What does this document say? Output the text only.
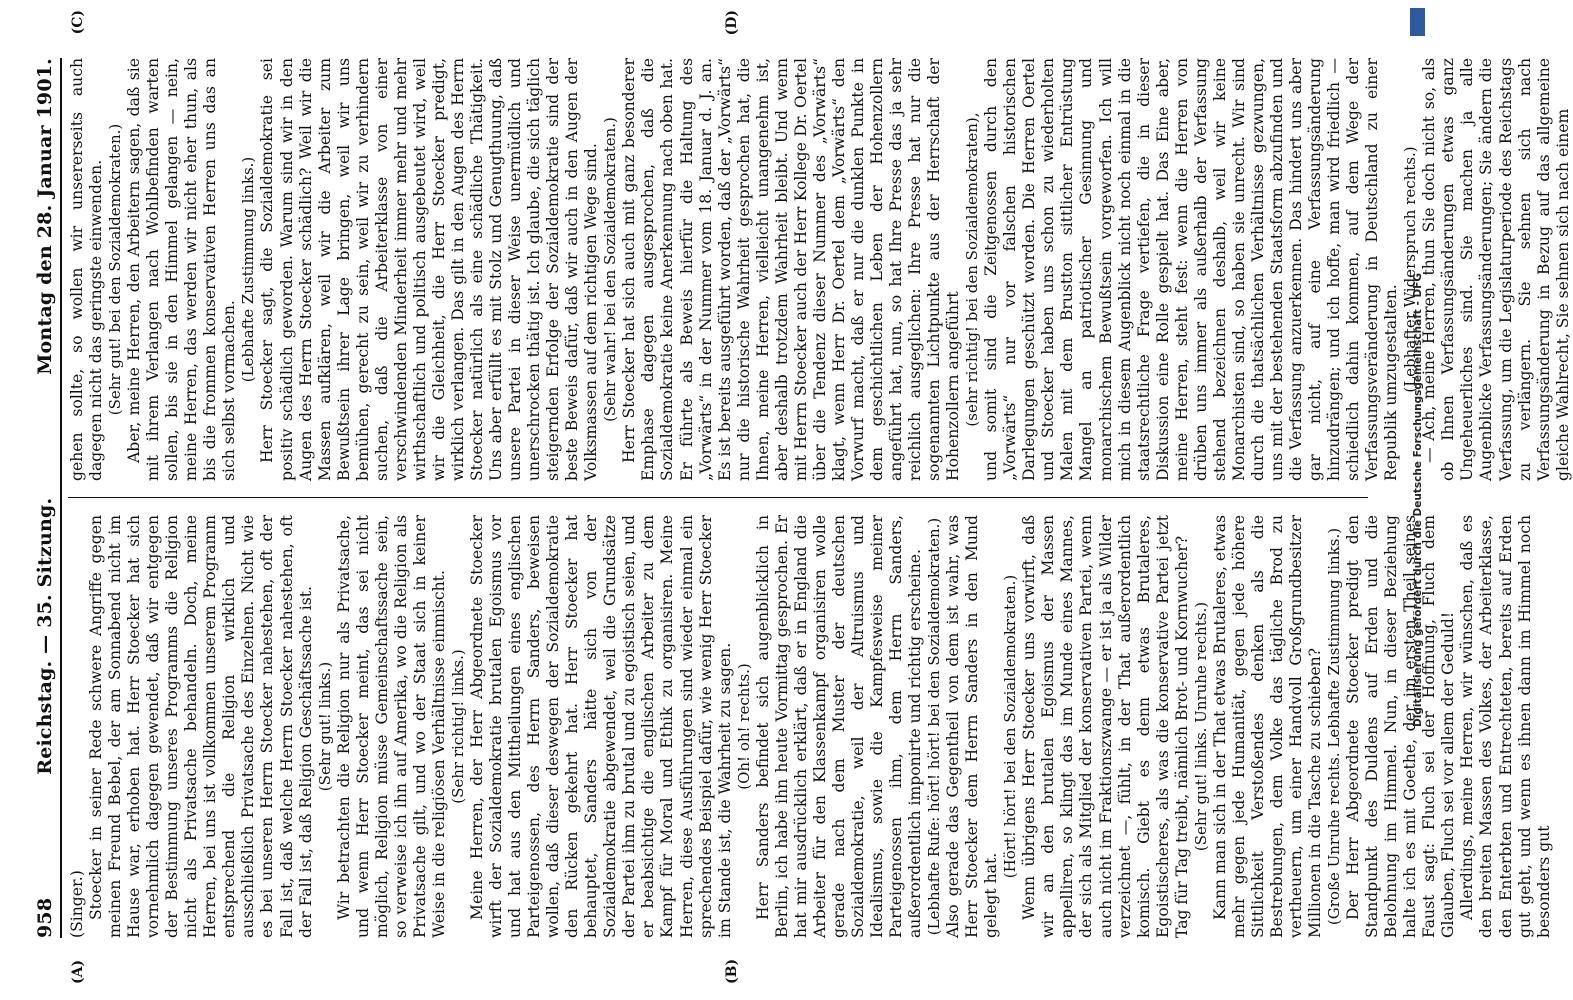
958
Reichstag. — 35. Sitzung.
Montag den 28. Januar 1901.
(A)	(B)
(C)	(D)

(Singer.) Stoecker in seiner Rede schwere Angriffe gegen meinen Freund Bebel, der am Sonnabend nicht im Hause war, erhoben hat. Herr Stoecker hat sich vornehmlich dagegen gewendet, daß wir entgegen der Bestimmung unseres Programms die Religion nicht als Privatsache behandeln. Doch, meine Herren, bei uns ist vollkommen unserem Programm entsprechend die Religion wirklich und ausschließlich Privatsache des Einzelnen. Nicht wie es bei unseren Herrn Stoecker nahestehen, oft der Fall ist, daß welche Herrn Stoecker nahestehen, oft der Fall ist, daß Religion Geschäftssache ist. (Sehr gut! links.) Wir betrachten die Religion nur als Privatsache, und wenn Herr Stoecker meint, das sei nicht möglich, Religion müsse Gemeinschaftssache sein, so verweise ich ihn auf Amerika, wo die Religion als Privatsache gilt, und wo der Staat sich in keiner Weise in die religiösen Verhältnisse einmischt. (Sehr richtig! links.) Meine Herren, der Herr Abgeordnete Stoecker wirft der Sozialdemokratie brutalen Egoismus vor und hat aus den Mittheilungen eines englischen Parteigenossen, des Herrn Sanders, beweisen wollen, daß dieser deswegen der Sozialdemokratie den Rücken gekehrt hat. Herr Stoecker hat behauptet, Sanders hätte sich von der Sozialdemokratie abgewendet, weil die Grundsätze der Partei ihm zu brutal und zu egoistisch seien, und er beabsichtige die englischen Arbeiter zu dem Kampf für Moral und Ethik zu organisiren. Meine Herren, diese Ausführungen sind wieder einmal ein sprechendes Beispiel dafür, wie wenig Herr Stoecker im Stande ist, die Wahrheit zu sagen. (Oh! oh! rechts.) Herr Sanders befindet sich augenblicklich in Berlin, ich habe ihn heute Vormittag gesprochen. Er hat mir ausdrücklich erklärt, daß er in England die Arbeiter für den Klassenkampf organisiren wolle gerade nach dem Muster der deutschen Sozialdemokratie, weil der Altruismus und Idealismus, sowie die Kampfesweise meiner Parteigenossen ihm, dem Herrn Sanders, außerordentlich imponirte und richtig erscheine. (Lebhafte Rufe: hört! hört! bei den Sozialdemokraten.) Also gerade das Gegentheil von dem ist wahr, was Herr Stoecker dem Herrn Sanders in den Mund gelegt hat.

(Hört! hört! bei den Sozialdemokraten.) Wenn übrigens Herr Stoecker uns vorwirft, daß wir an den brutalen Egoismus der Massen appelliren, so klingt das im Munde eines Mannes, der sich als Mitglied der konservativen Partei, wenn auch nicht im Fraktionszwange — er ist ja als Wilder verzeichnet —, fühlt, in der That außerordentlich komisch. Giebt es denn etwas Brutaleres, Egoistischeres, als was die konservative Partei jetzt Tag für Tag treibt, nämlich Brot- und Kornwucher? (Sehr gut! links. Unruhe rechts.) Kann man sich in der That etwas Brutaleres, etwas mehr gegen jede Humanität, gegen jede höhere Sittlichkeit Verstoßendes denken als die Bestrebungen, dem Volke das tägliche Brod zu vertheuern, um einer Handvoll Großgrundbesitzer Millionen in die Tasche zu schieben? (Große Unruhe rechts. Lebhafte Zustimmung links.) Der Herr Abgeordnete Stoecker predigt den Standpunkt des Duldens auf Erden und die Belohnung im Himmel. Nun, in dieser Beziehung halte ich es mit Goethe, der im ersten Theil seines Faust sagt: Fluch sei der Hoffnung, Fluch dem Glauben, Fluch sei vor allem der Geduld! Allerdings, meine Herren, wir wünschen, daß es den breiten Massen des Volkes, der Arbeiterklasse, den Enterbten und Entrechteten, bereits auf Erden gut geht, und wenn es ihnen dann im Himmel noch besonders gut

gehen sollte, so wollen wir unsererseits auch dagegen nicht das geringste einwenden. (Sehr gut! bei den Sozialdemokraten.) Aber, meine Herren, den Arbeitern sagen, daß sie mit ihrem Verlangen nach Wohlbefinden warten sollen, bis sie in den Himmel gelangen — nein, meine Herren, das werden wir nicht eher thun, als bis die frommen konservativen Herren uns das an sich selbst vormachen.

(Lebhafte Zustimmung links.) Herr Stoecker sagt, die Sozialdemokratie sei positiv schädlich geworden. Warum sind wir in den Augen des Herrn Stoecker schädlich? Weil wir die Massen aufklären, weil wir die Arbeiter zum Bewußtsein ihrer Lage bringen, weil wir uns bemühen, gerecht zu sein, weil wir zu verhindern suchen, daß die Arbeiterklasse von einer verschwindenden Minderheit immer mehr und mehr wirthschaftlich und politisch ausgebeutet wird, weil wir die Gleichheit, die Herr Stoecker predigt, wirklich verlangen. Das gilt in den Augen des Herrn Stoecker natürlich als eine schädliche Thätigkeit. Uns aber erfüllt es mit Stolz und Genugthuung, daß unsere Partei in dieser Weise unermüdlich und unerschrocken thätig ist. Ich glaube, die sich täglich steigernden Erfolge der Sozialdemokratie sind der beste Beweis dafür, daß wir auch in den Augen der Volksmassen auf dem richtigen Wege sind. (Sehr wahr! bei den Sozialdemokraten.) Herr Stoecker hat sich auch mit ganz besonderer Emphase dagegen ausgesprochen, daß die Sozialdemokratie keine Anerkennung nach oben hat. Er führte als Beweis hierfür die Haltung des „Vorwärts“ in der Nummer vom 18. Januar d. J. an. Es ist bereits ausgeführt worden, daß der „Vorwärts“ nur die historische Wahrheit gesprochen hat, die Ihnen, meine Herren, vielleicht unangenehm ist, aber deshalb trotzdem Wahrheit bleibt. Und wenn mit Herrn Stoecker auch der Herr Kollege Dr. Oertel über die Tendenz dieser Nummer des „Vorwärts“ klagt, wenn Herr Dr. Oertel dem „Vorwärts“ den Vorwurf macht, daß er nur die dunklen Punkte in dem geschichtlichen Leben der Hohenzollern angeführt hat, nun, so hat Ihre Presse das ja sehr reichlich ausgeglichen: Ihre Presse hat nur die sogenannten Lichtpunkte aus der Herrschaft der Hohenzollern angeführt (sehr richtig! bei den Sozialdemokraten), und somit sind die Zeitgenossen durch den „Vorwärts“ nur vor falschen historischen Darlegungen geschützt worden. Die Herren Oertel und Stoecker haben uns schon zu wiederholten Malen mit dem Brustton sittlicher Entrüstung Mangel an patriotischer Gesinnung und monarchischem Bewußtsein vorgeworfen. Ich will mich in diesem Augenblick nicht noch einmal in die staatsrechtliche Frage vertiefen, die in dieser Diskussion eine Rolle gespielt hat. Das Eine aber, meine Herren, steht fest: wenn die Herren von drüben uns immer als außerhalb der Verfassung stehend bezeichnen deshalb, weil wir keine Monarchisten sind, so haben sie unrecht. Wir sind durch die thatsächlichen Verhältnisse gezwungen, uns mit der bestehenden Staatsform abzufinden und die Verfassung anzuerkennen. Das hindert uns aber gar nicht, auf eine Verfassungsänderung hinzudrängen; und ich hoffe, man wird friedlich — schiedlich dahin kommen, auf dem Wege der Verfassungsveränderung in Deutschland zu einer Republik umzugestalten. (Lebhafter Widerspruch rechts.) — Ach, meine Herren, thun Sie doch nicht so, als ob Ihnen Verfassungsänderungen etwas ganz Ungeheuerliches sind. Sie machen ja alle Augenblicke Verfassungsänderungen; Sie ändern die Verfassung, um die Legislaturperiode des Reichstags zu verlängern. Sie sehnen sich nach Verfassungsänderung in Bezug auf das allgemeine gleiche Wahlrecht, Sie sehnen sich nach einem

Digitalisierung gefördert durch die Deutsche Forschungsgemeinschaft - DFG
